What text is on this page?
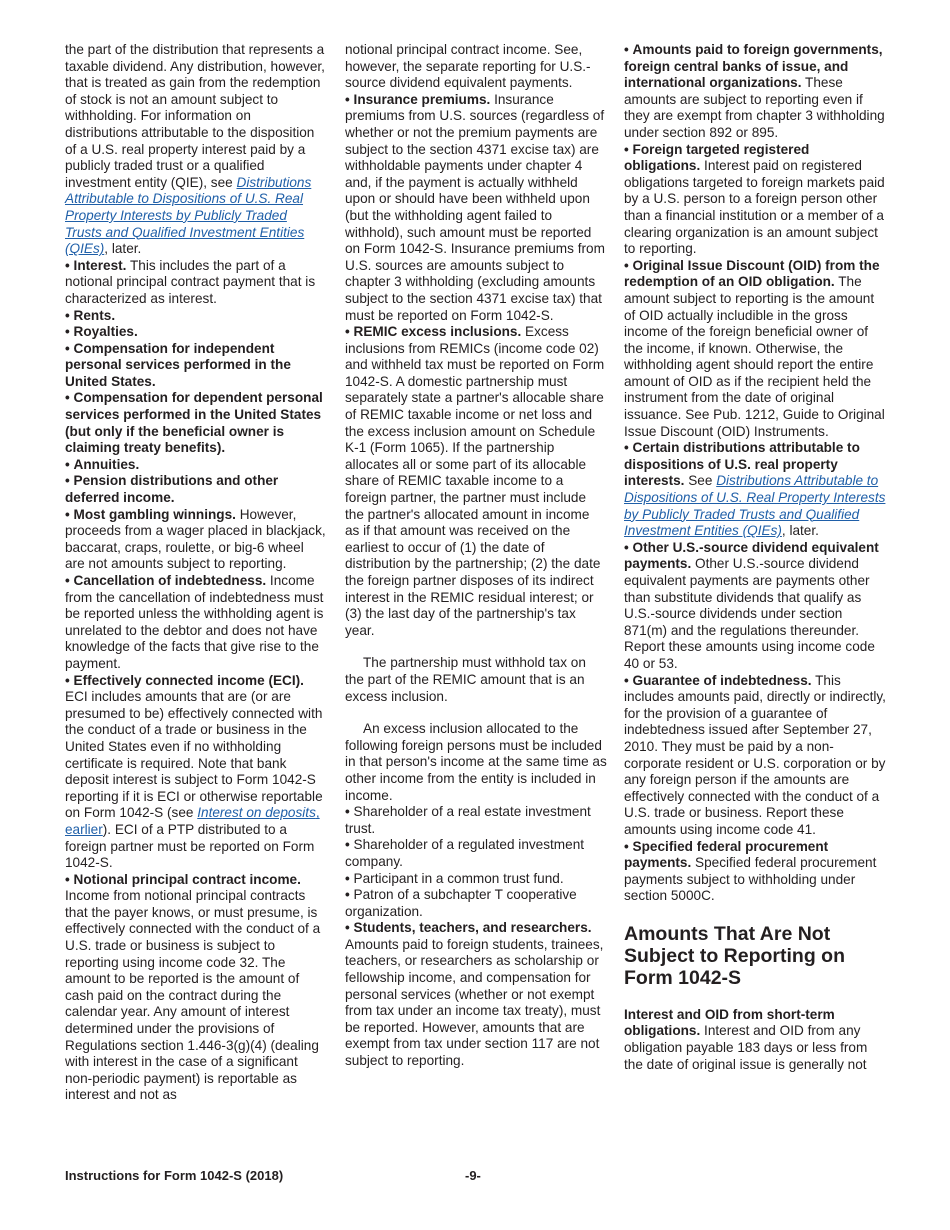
the part of the distribution that represents a taxable dividend. Any distribution, however, that is treated as gain from the redemption of stock is not an amount subject to withholding. For information on distributions attributable to the disposition of a U.S. real property interest paid by a publicly traded trust or a qualified investment entity (QIE), see Distributions Attributable to Dispositions of U.S. Real Property Interests by Publicly Traded Trusts and Qualified Investment Entities (QIEs), later.

• Interest. This includes the part of a notional principal contract payment that is characterized as interest.

• Rents.

• Royalties.

• Compensation for independent personal services performed in the United States.

• Compensation for dependent personal services performed in the United States (but only if the beneficial owner is claiming treaty benefits).

• Annuities.

• Pension distributions and other deferred income.

• Most gambling winnings. However, proceeds from a wager placed in blackjack, baccarat, craps, roulette, or big-6 wheel are not amounts subject to reporting.

• Cancellation of indebtedness. Income from the cancellation of indebtedness must be reported unless the withholding agent is unrelated to the debtor and does not have knowledge of the facts that give rise to the payment.

• Effectively connected income (ECI). ECI includes amounts that are (or are presumed to be) effectively connected with the conduct of a trade or business in the United States even if no withholding certificate is required. Note that bank deposit interest is subject to Form 1042-S reporting if it is ECI or otherwise reportable on Form 1042-S (see Interest on deposits, earlier). ECI of a PTP distributed to a foreign partner must be reported on Form 1042-S.

• Notional principal contract income. Income from notional principal contracts that the payer knows, or must presume, is effectively connected with the conduct of a U.S. trade or business is subject to reporting using income code 32. The amount to be reported is the amount of cash paid on the contract during the calendar year. Any amount of interest determined under the provisions of Regulations section 1.446-3(g)(4) (dealing with interest in the case of a significant non-periodic payment) is reportable as interest and not as

notional principal contract income. See, however, the separate reporting for U.S.-source dividend equivalent payments.

• Insurance premiums. Insurance premiums from U.S. sources (regardless of whether or not the premium payments are subject to the section 4371 excise tax) are withholdable payments under chapter 4 and, if the payment is actually withheld upon or should have been withheld upon (but the withholding agent failed to withhold), such amount must be reported on Form 1042-S. Insurance premiums from U.S. sources are amounts subject to chapter 3 withholding (excluding amounts subject to the section 4371 excise tax) that must be reported on Form 1042-S.

• REMIC excess inclusions. Excess inclusions from REMICs (income code 02) and withheld tax must be reported on Form 1042-S. A domestic partnership must separately state a partner's allocable share of REMIC taxable income or net loss and the excess inclusion amount on Schedule K-1 (Form 1065). If the partnership allocates all or some part of its allocable share of REMIC taxable income to a foreign partner, the partner must include the partner's allocated amount in income as if that amount was received on the earliest to occur of (1) the date of distribution by the partnership; (2) the date the foreign partner disposes of its indirect interest in the REMIC residual interest; or (3) the last day of the partnership's tax year.

The partnership must withhold tax on the part of the REMIC amount that is an excess inclusion.

An excess inclusion allocated to the following foreign persons must be included in that person's income at the same time as other income from the entity is included in income.

• Shareholder of a real estate investment trust.

• Shareholder of a regulated investment company.

• Participant in a common trust fund.

• Patron of a subchapter T cooperative organization.

• Students, teachers, and researchers. Amounts paid to foreign students, trainees, teachers, or researchers as scholarship or fellowship income, and compensation for personal services (whether or not exempt from tax under an income tax treaty), must be reported. However, amounts that are exempt from tax under section 117 are not subject to reporting.

• Amounts paid to foreign governments, foreign central banks of issue, and international organizations. These amounts are subject to reporting even if they are exempt from chapter 3 withholding under section 892 or 895.

• Foreign targeted registered obligations. Interest paid on registered obligations targeted to foreign markets paid by a U.S. person to a foreign person other than a financial institution or a member of a clearing organization is an amount subject to reporting.

• Original Issue Discount (OID) from the redemption of an OID obligation. The amount subject to reporting is the amount of OID actually includible in the gross income of the foreign beneficial owner of the income, if known. Otherwise, the withholding agent should report the entire amount of OID as if the recipient held the instrument from the date of original issuance. See Pub. 1212, Guide to Original Issue Discount (OID) Instruments.

• Certain distributions attributable to dispositions of U.S. real property interests. See Distributions Attributable to Dispositions of U.S. Real Property Interests by Publicly Traded Trusts and Qualified Investment Entities (QIEs), later.

• Other U.S.-source dividend equivalent payments. Other U.S.-source dividend equivalent payments are payments other than substitute dividends that qualify as U.S.-source dividends under section 871(m) and the regulations thereunder. Report these amounts using income code 40 or 53.

• Guarantee of indebtedness. This includes amounts paid, directly or indirectly, for the provision of a guarantee of indebtedness issued after September 27, 2010. They must be paid by a non-corporate resident or U.S. corporation or by any foreign person if the amounts are effectively connected with the conduct of a U.S. trade or business. Report these amounts using income code 41.

• Specified federal procurement payments. Specified federal procurement payments subject to withholding under section 5000C.

Amounts That Are Not Subject to Reporting on Form 1042-S

Interest and OID from short-term obligations. Interest and OID from any obligation payable 183 days or less from the date of original issue is generally not

Instructions for Form 1042-S (2018)	-9-
